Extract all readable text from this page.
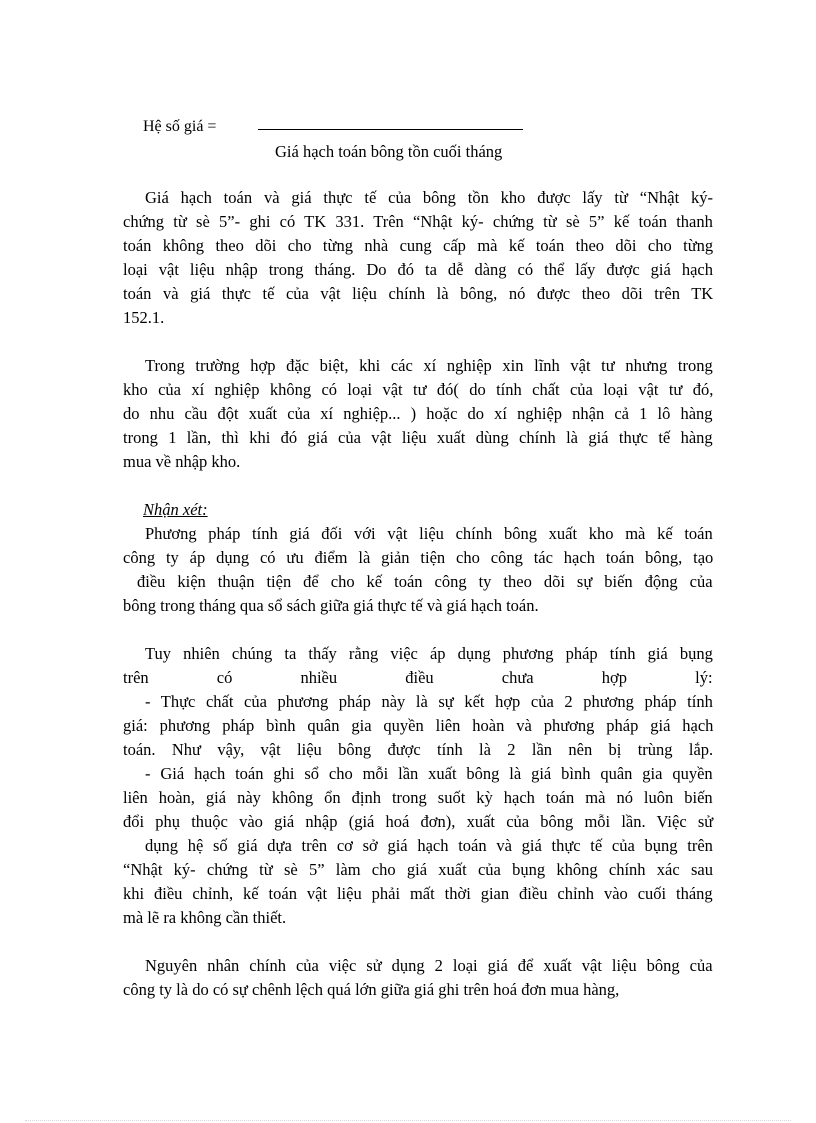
Hệ số giá =
Giá hạch toán bông tồn cuối tháng
Giá hạch toán và giá thực tế của bông tồn kho được lấy từ “Nhật ký-
chứng từ sè 5”- ghi có TK 331. Trên “Nhật ký- chứng từ sè 5” kế toán thanh
toán không theo dõi cho từng nhà cung cấp mà kế toán theo dõi cho từng
loại vật liệu nhập trong tháng. Do đó ta dễ dàng có thể lấy được giá hạch
toán và giá thực tế của vật liệu chính là bông, nó được theo dõi trên TK
152.1.
Trong trường hợp đặc biệt, khi các xí nghiệp xin lĩnh vật tư nhưng trong
kho của xí nghiệp không có loại vật tư đó( do tính chất của loại vật tư đó,
do nhu cầu đột xuất của xí nghiệp... ) hoặc do xí nghiệp nhận cả 1 lô hàng
trong 1 lần, thì khi đó giá của vật liệu xuất dùng chính là giá thực tế hàng
mua về nhập kho.
Nhận xét:
Phương pháp tính giá đối với vật liệu chính bông xuất kho mà kế toán
công ty áp dụng có ưu điểm là giản tiện cho công tác hạch toán bông, tạo
điều kiện thuận tiện để cho kế toán công ty theo dõi sự biến động của
bông trong tháng qua sổ sách giữa giá thực tế và giá hạch toán.
Tuy nhiên chúng ta thấy rằng việc áp dụng phương pháp tính giá bụng
trên có nhiều điều chưa hợp lý:
- Thực chất của phương pháp này là sự kết hợp của 2 phương pháp tính
giá: phương pháp bình quân gia quyền liên hoàn và phương pháp giá hạch
toán. Như vậy, vật liệu bông được tính là 2 lần nên bị trùng lắp.
- Giá hạch toán ghi sổ cho mỗi lần xuất bông là giá bình quân gia quyền
liên hoàn, giá này không ổn định trong suốt kỳ hạch toán mà nó luôn biến
đổi phụ thuộc vào giá nhập (giá hoá đơn), xuất của bông mỗi lần. Việc sử
dụng hệ số giá dựa trên cơ sở giá hạch toán và giá thực tế của bụng trên
“Nhật ký- chứng từ sè 5” làm cho giá xuất của bụng không chính xác sau
khi điều chỉnh, kế toán vật liệu phải mất thời gian điều chỉnh vào cuối tháng
mà lẽ ra không cần thiết.
Nguyên nhân chính của việc sử dụng 2 loại giá để xuất vật liệu bông của
công ty là do có sự chênh lệch quá lớn giữa giá ghi trên hoá đơn mua hàng,
